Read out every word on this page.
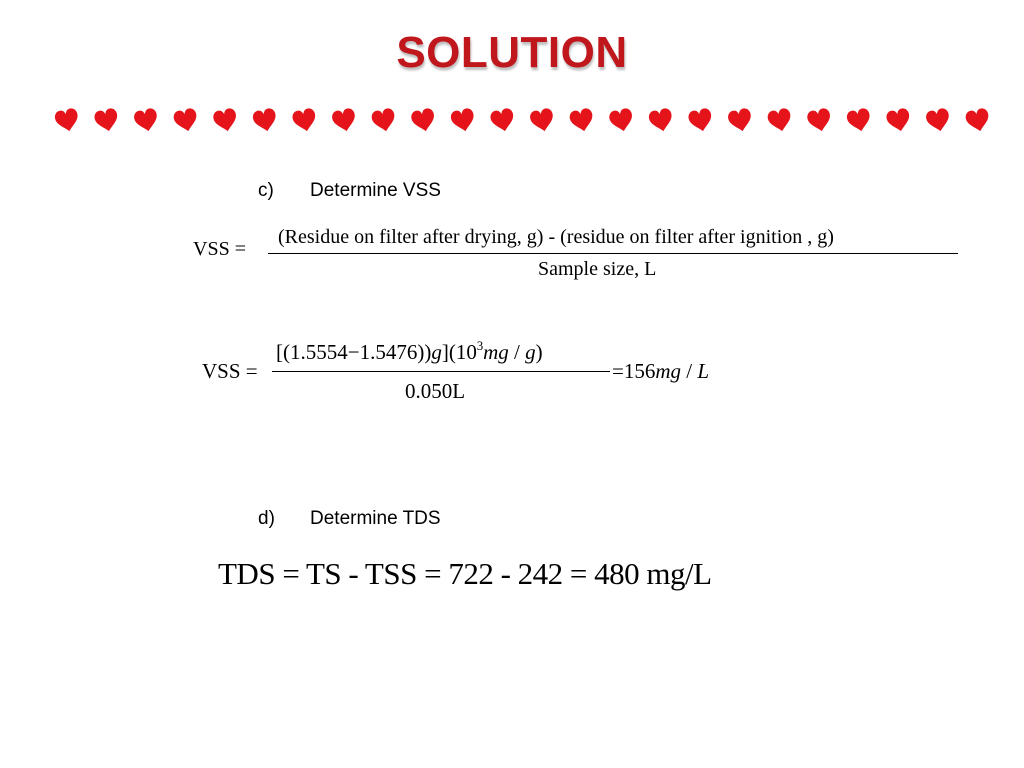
SOLUTION
c) Determine VSS
VSS =
(Residue on filter after drying, g) - (residue on filter after ignition , g)
Sample size, L
VSS =
$[(1.5554-1.5476))g](10^3mg / g)$
0.050L
=156mg / L
d) Determine TDS
TDS = TS - TSS = 722 - 242 = 480 mg/L
